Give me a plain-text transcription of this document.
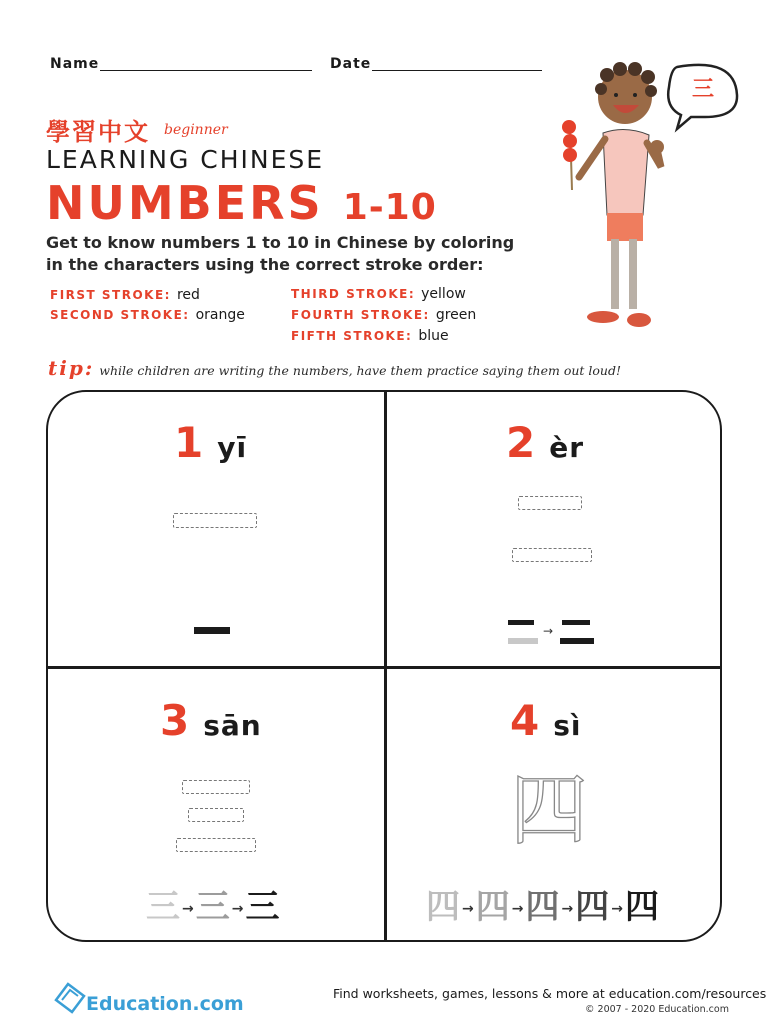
Name	Date
學習中文 beginner
LEARNING CHINESE
NUMBERS 1-10
Get to know numbers 1 to 10 in Chinese by coloring
in the characters using the correct stroke order:
FIRST STROKE: red
SECOND STROKE: orange
THIRD STROKE: yellow
FOURTH STROKE: green
FIFTH STROKE: blue
三
tip: while children are writing the numbers, have them practice saying them out loud!
1 yī	2 èr
→
3 sān
三 →三 →三
4 sì
四
四 →四 →四 →四 →四
Education.com	Find worksheets, games, lessons & more at education.com/resources
© 2007 - 2020 Education.com
